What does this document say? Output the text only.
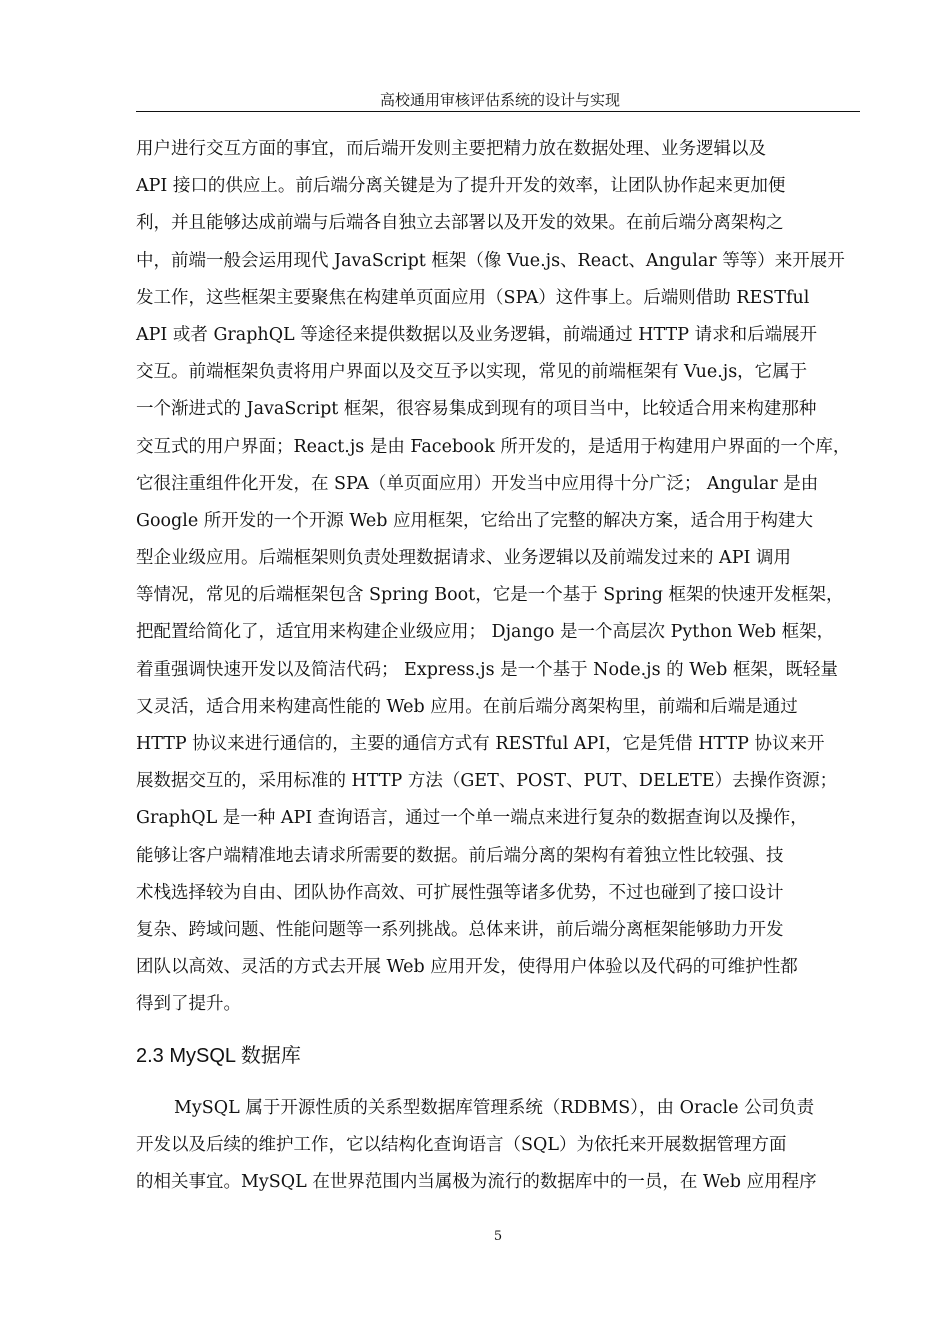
高校通用审核评估系统的设计与实现
用户进行交互方面的事宜，而后端开发则主要把精力放在数据处理、业务逻辑以及
API 接口的供应上。前后端分离关键是为了提升开发的效率，让团队协作起来更加便
利，并且能够达成前端与后端各自独立去部署以及开发的效果。在前后端分离架构之
中，前端一般会运用现代 JavaScript 框架（像 Vue.js、React、Angular 等等）来开展开
发工作，这些框架主要聚焦在构建单页面应用（SPA）这件事上。后端则借助 RESTful
API 或者 GraphQL 等途径来提供数据以及业务逻辑，前端通过 HTTP 请求和后端展开
交互。前端框架负责将用户界面以及交互予以实现，常见的前端框架有 Vue.js，它属于
一个渐进式的 JavaScript 框架，很容易集成到现有的项目当中，比较适合用来构建那种
交互式的用户界面；React.js 是由 Facebook 所开发的，是适用于构建用户界面的一个库，
它很注重组件化开发，在 SPA（单页面应用）开发当中应用得十分广泛； Angular 是由
Google 所开发的一个开源 Web 应用框架，它给出了完整的解决方案，适合用于构建大
型企业级应用。后端框架则负责处理数据请求、业务逻辑以及前端发过来的 API 调用
等情况，常见的后端框架包含 Spring Boot，它是一个基于 Spring 框架的快速开发框架，
把配置给简化了，适宜用来构建企业级应用； Django 是一个高层次 Python Web 框架，
着重强调快速开发以及简洁代码； Express.js 是一个基于 Node.js 的 Web 框架，既轻量
又灵活，适合用来构建高性能的 Web 应用。在前后端分离架构里，前端和后端是通过
HTTP 协议来进行通信的，主要的通信方式有 RESTful API，它是凭借 HTTP 协议来开
展数据交互的，采用标准的 HTTP 方法（GET、POST、PUT、DELETE）去操作资源；
GraphQL 是一种 API 查询语言，通过一个单一端点来进行复杂的数据查询以及操作，
能够让客户端精准地去请求所需要的数据。前后端分离的架构有着独立性比较强、技
术栈选择较为自由、团队协作高效、可扩展性强等诸多优势，不过也碰到了接口设计
复杂、跨域问题、性能问题等一系列挑战。总体来讲，前后端分离框架能够助力开发
团队以高效、灵活的方式去开展 Web 应用开发，使得用户体验以及代码的可维护性都
得到了提升。
2.3 MySQL 数据库
MySQL 属于开源性质的关系型数据库管理系统（RDBMS），由 Oracle 公司负责
开发以及后续的维护工作，它以结构化查询语言（SQL）为依托来开展数据管理方面
的相关事宜。MySQL 在世界范围内当属极为流行的数据库中的一员，在 Web 应用程序
5
